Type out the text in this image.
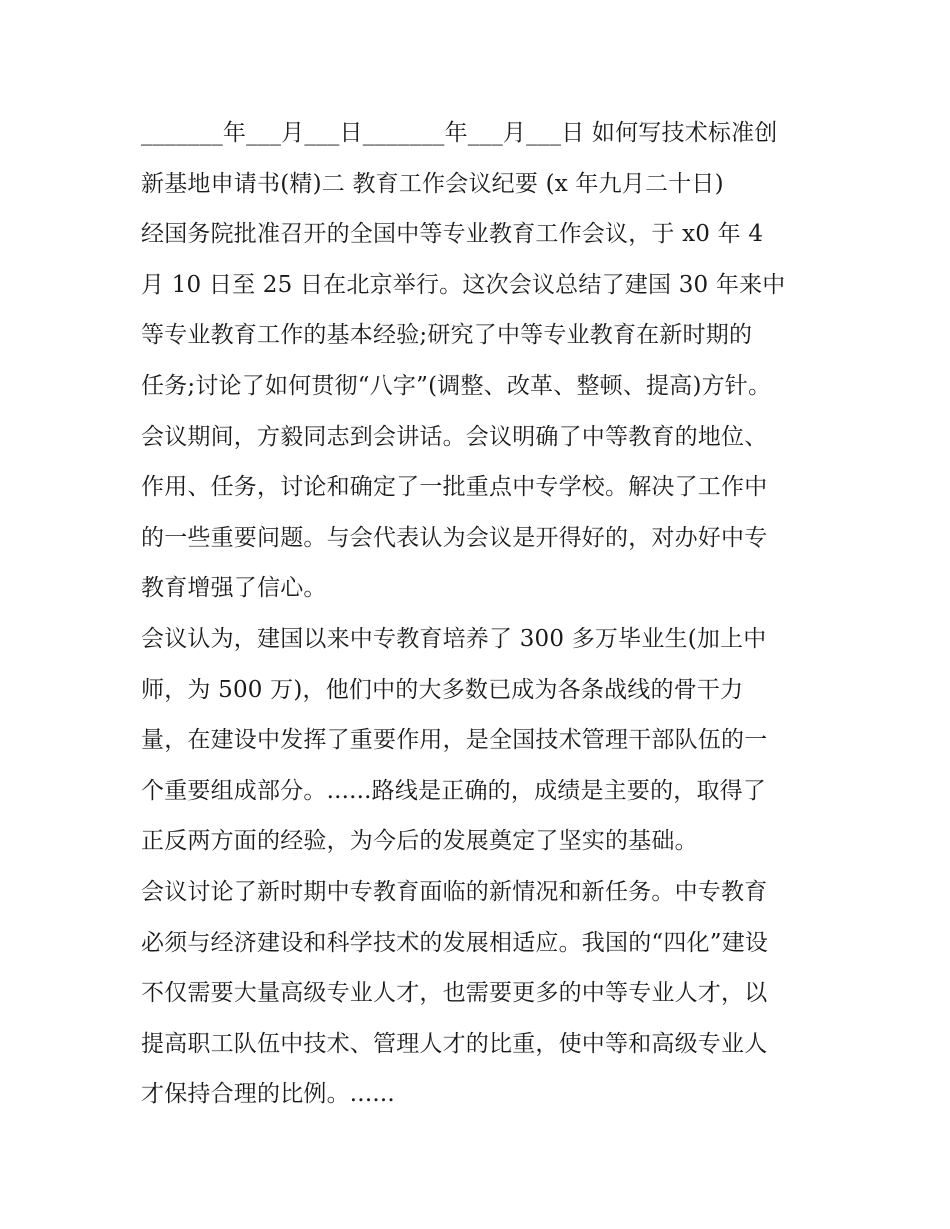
_______年___月___日_______年___月___日 如何写技术标准创
新基地申请书(精)二 教育工作会议纪要 (x 年九月二十日)
经国务院批准召开的全国中等专业教育工作会议，于 x0 年 4
月 10 日至 25 日在北京举行。这次会议总结了建国 30 年来中
等专业教育工作的基本经验;研究了中等专业教育在新时期的
任务;讨论了如何贯彻“八字”(调整、改革、整顿、提高)方针。
会议期间，方毅同志到会讲话。会议明确了中等教育的地位、
作用、任务，讨论和确定了一批重点中专学校。解决了工作中
的一些重要问题。与会代表认为会议是开得好的，对办好中专
教育增强了信心。
会议认为，建国以来中专教育培养了 300 多万毕业生(加上中
师，为 500 万)，他们中的大多数已成为各条战线的骨干力
量，在建设中发挥了重要作用，是全国技术管理干部队伍的一
个重要组成部分。......路线是正确的，成绩是主要的，取得了
正反两方面的经验，为今后的发展奠定了坚实的基础。
会议讨论了新时期中专教育面临的新情况和新任务。中专教育
必须与经济建设和科学技术的发展相适应。我国的“四化”建设
不仅需要大量高级专业人才，也需要更多的中等专业人才，以
提高职工队伍中技术、管理人才的比重，使中等和高级专业人
才保持合理的比例。......
